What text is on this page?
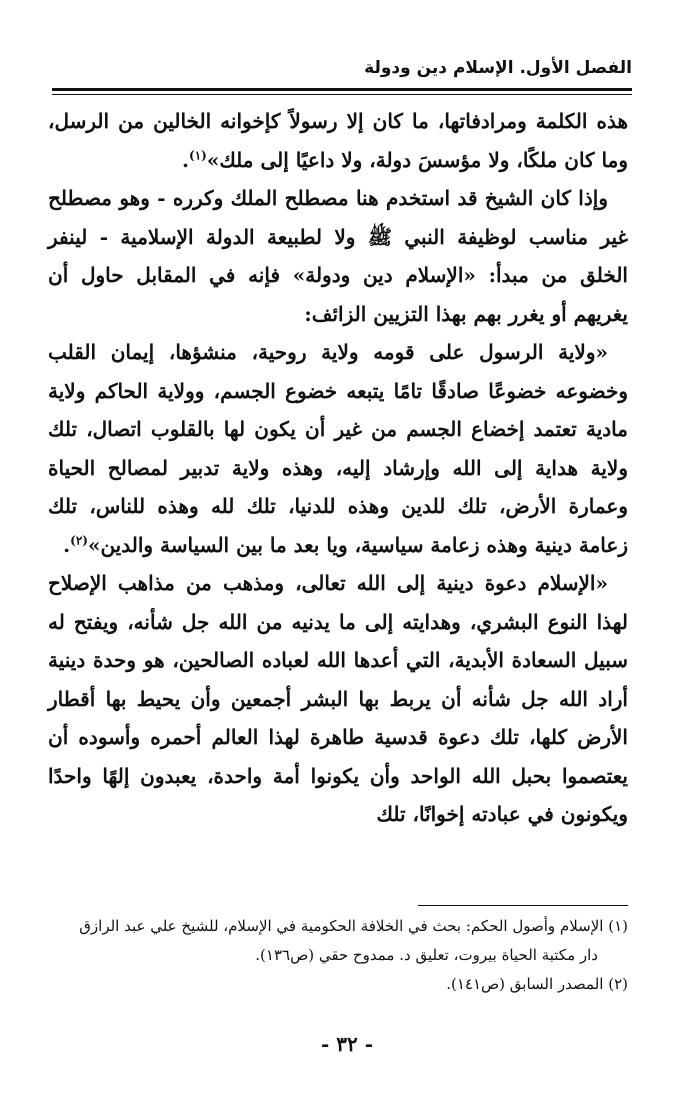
الفصل الأول. الإسلام دين ودولة

هذه الكلمة ومرادفاتها، ما كان إلا رسولاً كإخوانه الخالين من الرسل، وما كان ملكًا، ولا مؤسسَ دولة، ولا داعيًا إلى ملك»$^{(١)}$.

وإذا كان الشيخ قد استخدم هنا مصطلح الملك وكرره - وهو مصطلح غير مناسب لوظيفة النبي ﷺ ولا لطبيعة الدولة الإسلامية - لينفر الخلق من مبدأ: «الإسلام دين ودولة» فإنه في المقابل حاول أن يغريهم أو يغرر بهم بهذا التزيين الزائف:

«ولاية الرسول على قومه ولاية روحية، منشؤها، إيمان القلب وخضوعه خضوعًا صادقًا تامًا يتبعه خضوع الجسم، وولاية الحاكم ولاية مادية تعتمد إخضاع الجسم من غير أن يكون لها بالقلوب اتصال، تلك ولاية هداية إلى الله وإرشاد إليه، وهذه ولاية تدبير لمصالح الحياة وعمارة الأرض، تلك للدين وهذه للدنيا، تلك لله وهذه للناس، تلك زعامة دينية وهذه زعامة سياسية، ويا بعد ما بين السياسة والدين»$^{(٢)}$.

«الإسلام دعوة دينية إلى الله تعالى، ومذهب من مذاهب الإصلاح لهذا النوع البشري، وهدايته إلى ما يدنيه من الله جل شأنه، ويفتح له سبيل السعادة الأبدية، التي أعدها الله لعباده الصالحين، هو وحدة دينية أراد الله جل شأنه أن يربط بها البشر أجمعين وأن يحيط بها أقطار الأرض كلها، تلك دعوة قدسية طاهرة لهذا العالم أحمره وأسوده أن يعتصموا بحبل الله الواحد وأن يكونوا أمة واحدة، يعبدون إلهًا واحدًا ويكونون في عبادته إخوانًا، تلك

(١) الإسلام وأصول الحكم: بحث في الخلافة الحكومية في الإسلام، للشيخ علي عبد الرازق

دار مكتبة الحياة بيروت، تعليق د. ممدوح حقي (ص١٣٦).

(٢) المصدر السابق (ص١٤١).

- ٣٢ -
